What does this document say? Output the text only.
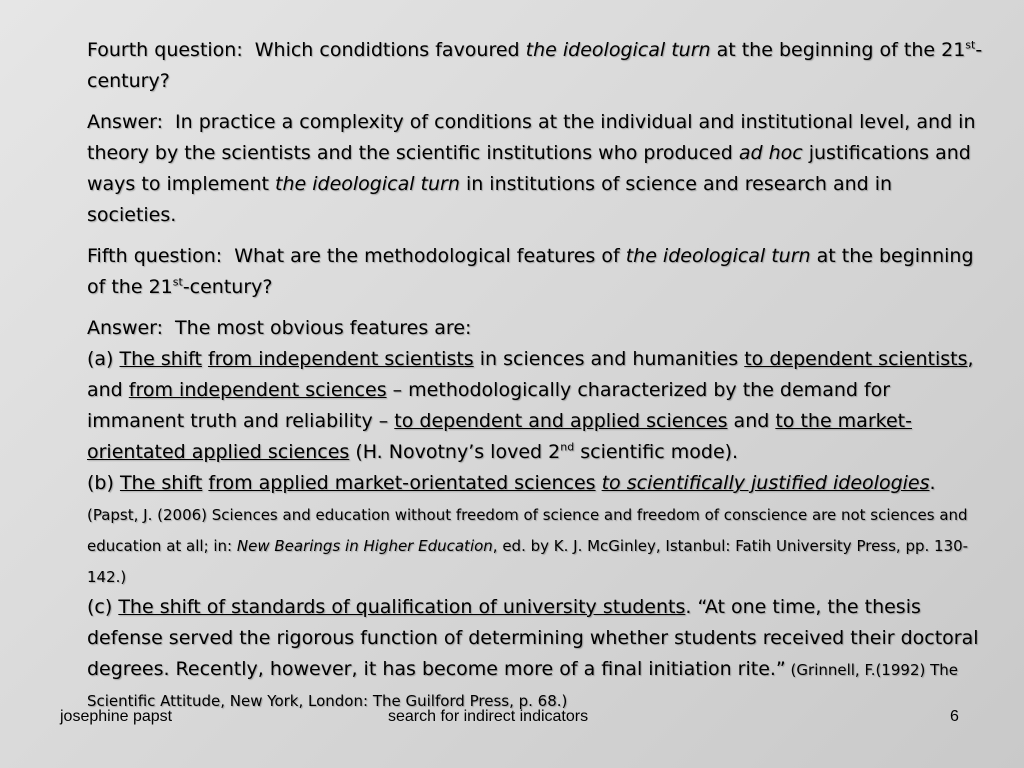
Fourth question: Which condidtions favoured the ideological turn at the beginning of the 21st-century?

Answer: In practice a complexity of conditions at the individual and institutional level, and in theory by the scientists and the scientific institutions who produced ad hoc justifications and ways to implement the ideological turn in institutions of science and research and in societies.

Fifth question: What are the methodological features of the ideological turn at the beginning of the 21st-century?

Answer: The most obvious features are:

(a) The shift from independent scientists in sciences and humanities to dependent scientists, and from independent sciences – methodologically characterized by the demand for immanent truth and reliability – to dependent and applied sciences and to the market-orientated applied sciences (H. Novotny’s loved 2nd scientific mode).

(b) The shift from applied market-orientated sciences to scientifically justified ideologies. (Papst, J. (2006) Sciences and education without freedom of science and freedom of conscience are not sciences and education at all; in: New Bearings in Higher Education, ed. by K. J. McGinley, Istanbul: Fatih University Press, pp. 130- 142.)

(c) The shift of standards of qualification of university students. “At one time, the thesis defense served the rigorous function of determining whether students received their doctoral degrees. Recently, however, it has become more of a final initiation rite.” (Grinnell, F.(1992) The Scientific Attitude, New York, London: The Guilford Press, p. 68.)

josephine papst	search for indirect indicators	6
